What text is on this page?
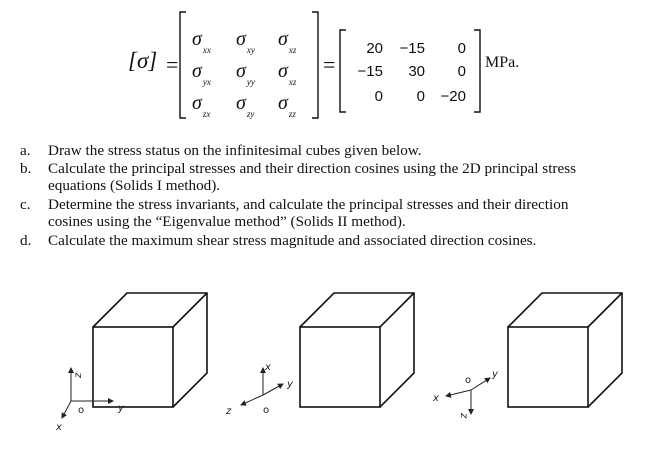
[σ] =	=
$\sigma_{xx}$ $\sigma_{xy}$ $\sigma_{xz}$
$\sigma_{yx}$ $\sigma_{yy}$ $\sigma_{xz}$
$\sigma_{zx}$ $\sigma_{zy}$ $\sigma_{zz}$
20	−15	0
−15	30	0
0	0	−20
MPa.
a. Draw the stress status on the infinitesimal cubes given below.
b. Calculate the principal stresses and their direction cosines using the 2D principal stress
equations (Solids I method).
c. Determine the stress invariants, and calculate the principal stresses and their direction
cosines using the “Eigenvalue method” (Solids II method).
d. Calculate the maximum shear stress magnitude and associated direction cosines.
z
y
x
o
x
y
z	o
y
x
z
o
